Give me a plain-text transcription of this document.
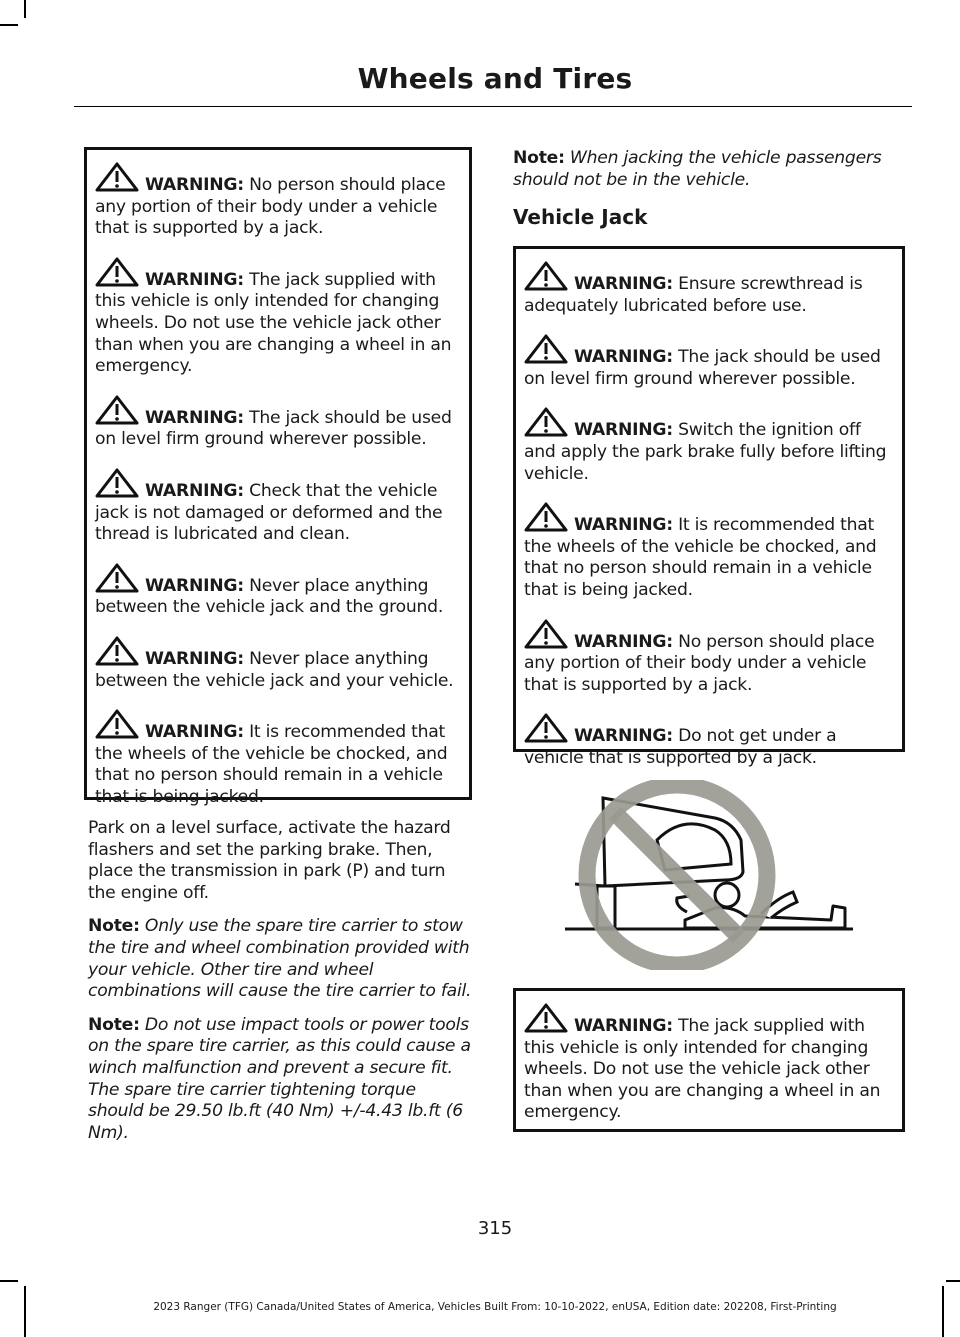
Wheels and Tires
WARNING: No person should place any portion of their body under a vehicle that is supported by a jack.
WARNING: The jack supplied with this vehicle is only intended for changing wheels. Do not use the vehicle jack other than when you are changing a wheel in an emergency.
WARNING: The jack should be used on level firm ground wherever possible.
WARNING: Check that the vehicle jack is not damaged or deformed and the thread is lubricated and clean.
WARNING: Never place anything between the vehicle jack and the ground.
WARNING: Never place anything between the vehicle jack and your vehicle.
WARNING: It is recommended that the wheels of the vehicle be chocked, and that no person should remain in a vehicle that is being jacked.

Park on a level surface, activate the hazard flashers and set the parking brake. Then, place the transmission in park (P) and turn the engine off.

Note: Only use the spare tire carrier to stow the tire and wheel combination provided with your vehicle. Other tire and wheel combinations will cause the tire carrier to fail.

Note: Do not use impact tools or power tools on the spare tire carrier, as this could cause a winch malfunction and prevent a secure fit. The spare tire carrier tightening torque should be 29.50 lb.ft (40 Nm) +/-4.43 lb.ft (6 Nm).

Note: When jacking the vehicle passengers should not be in the vehicle.

Vehicle Jack
WARNING: Ensure screwthread is adequately lubricated before use.
WARNING: The jack should be used on level firm ground wherever possible.
WARNING: Switch the ignition off and apply the park brake fully before lifting vehicle.
WARNING: It is recommended that the wheels of the vehicle be chocked, and that no person should remain in a vehicle that is being jacked.
WARNING: No person should place any portion of their body under a vehicle that is supported by a jack.
WARNING: Do not get under a vehicle that is supported by a jack.
WARNING: The jack supplied with this vehicle is only intended for changing wheels. Do not use the vehicle jack other than when you are changing a wheel in an emergency.
315
2023 Ranger (TFG) Canada/United States of America, Vehicles Built From: 10-10-2022, enUSA, Edition date: 202208, First-Printing
